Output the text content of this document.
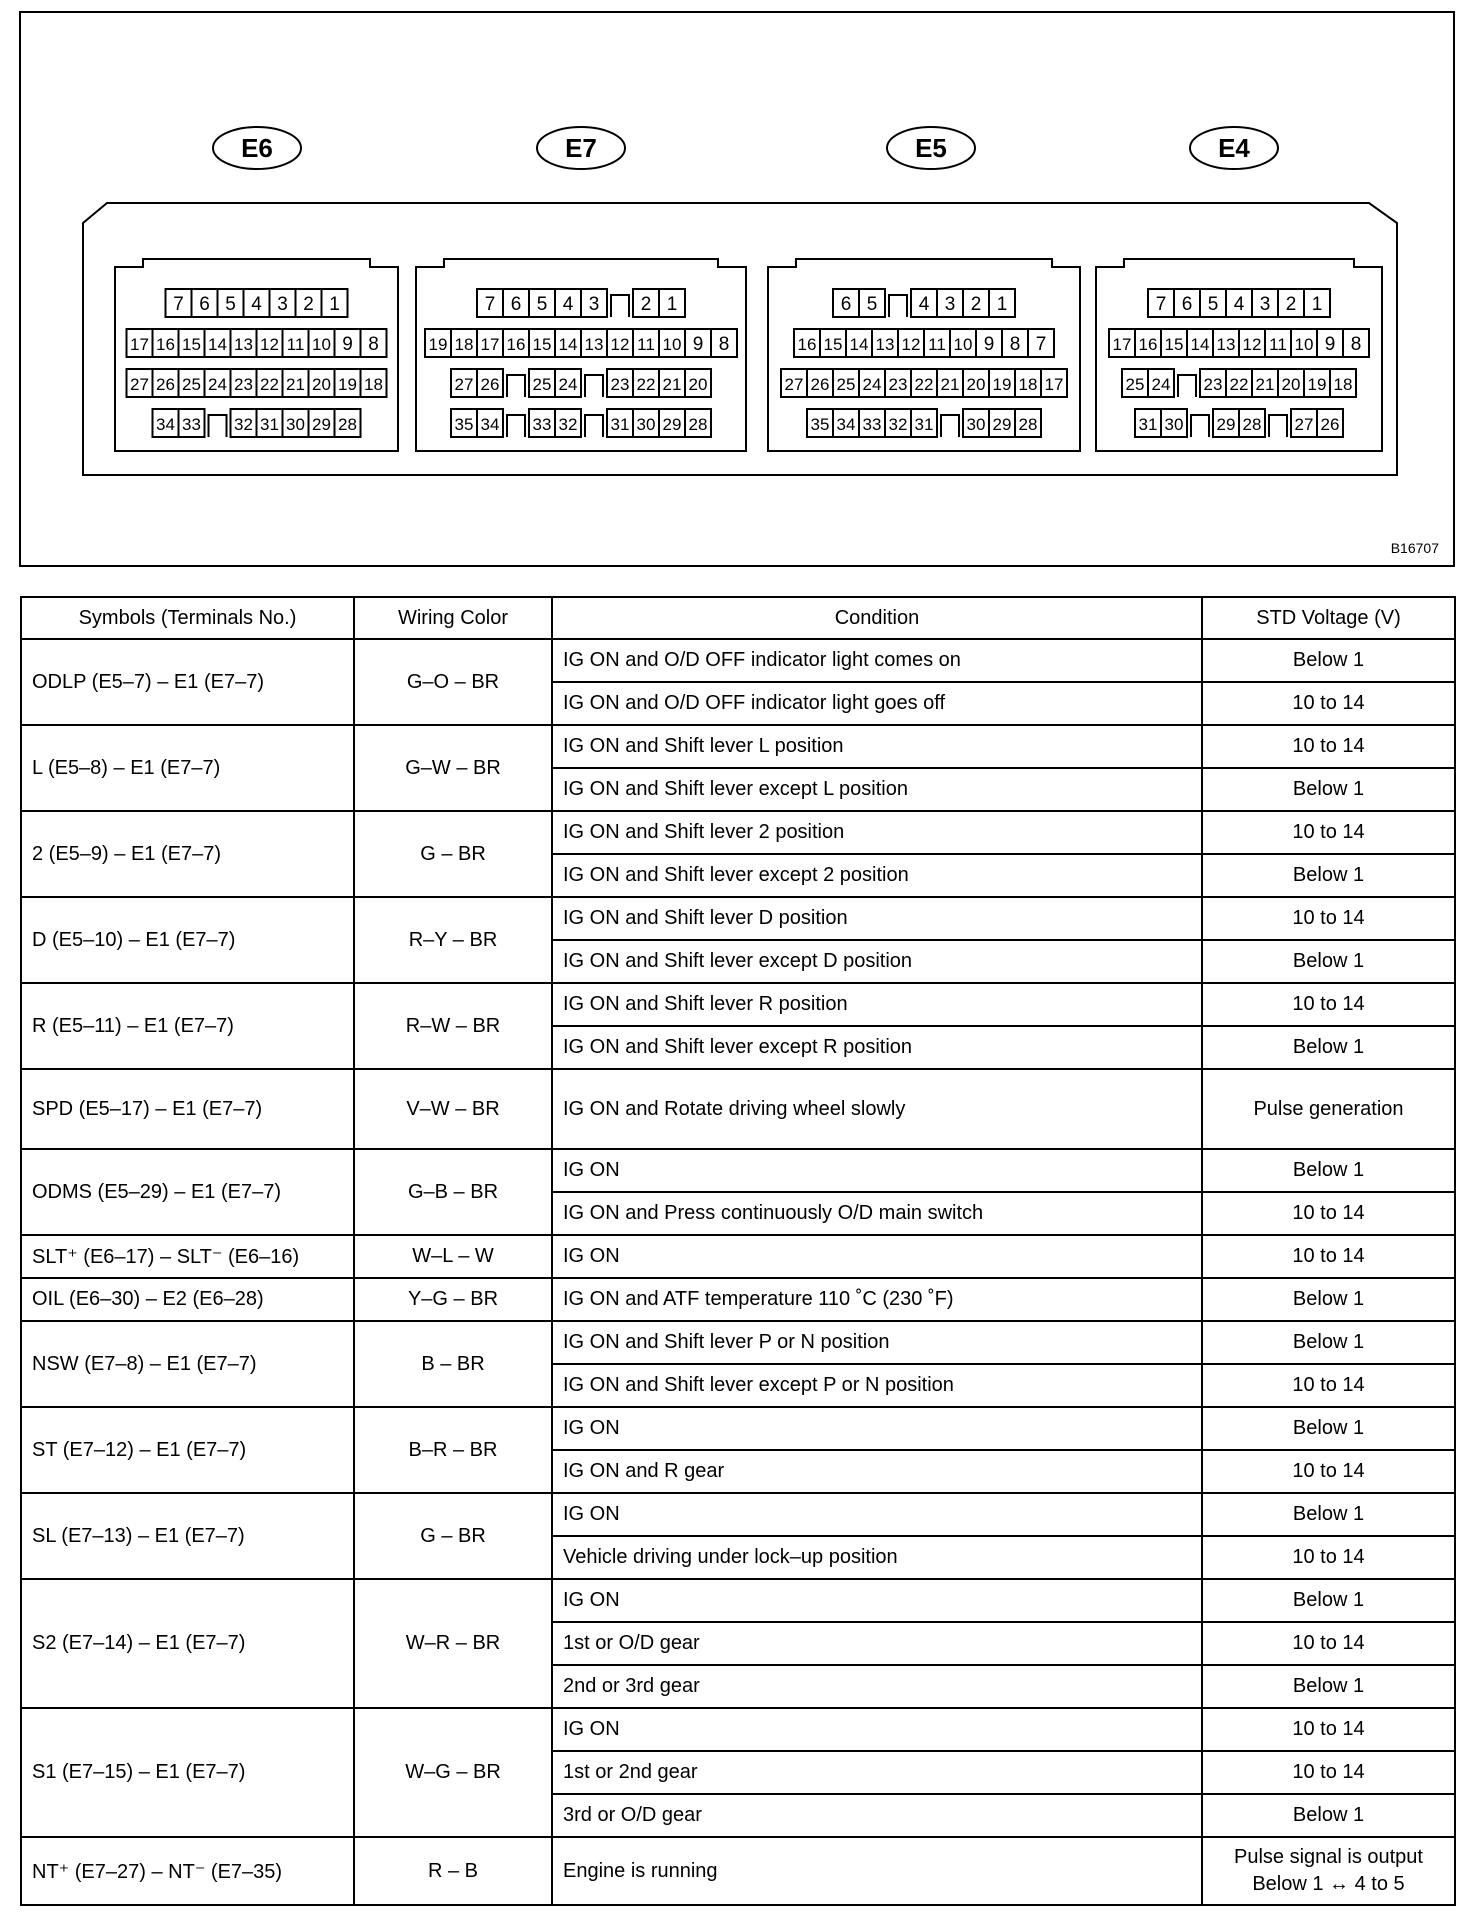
B16707
E6
7 6 5 4 3 2 1
17 16 15 14 13 12 11 10 9 8
27 26 25 24 23 22 21 20 19 18
34 33 32 31 30 29 28
E7
7 6 5 4 3 2 1
19 18 17 16 15 14 13 12 11 10 9 8
27 26 25 24 23 22 21 20
35 34 33 32 31 30 29 28
E5
6 5 4 3 2 1
16 15 14 13 12 11 10 9 8 7
27 26 25 24 23 22 21 20 19 18 17
35 34 33 32 31 30 29 28
E4
7 6 5 4 3 2 1
17 16 15 14 13 12 11 10 9 8
25 24 23 22 21 20 19 18
31 30 29 28 27 26
Symbols (Terminals No.)	Wiring Color	Condition	STD Voltage (V)
ODLP (E5–7) – E1 (E7–7)	G–O – BR	IG ON and O/D OFF indicator light comes on	Below 1

		IG ON and O/D OFF indicator light goes off	10 to 14

L (E5–8) – E1 (E7–7)	G–W – BR	IG ON and Shift lever L position	10 to 14

		IG ON and Shift lever except L position	Below 1

2 (E5–9) – E1 (E7–7)	G – BR	IG ON and Shift lever 2 position	10 to 14

		IG ON and Shift lever except 2 position	Below 1

D (E5–10) – E1 (E7–7)	R–Y – BR	IG ON and Shift lever D position	10 to 14

		IG ON and Shift lever except D position	Below 1

R (E5–11) – E1 (E7–7)	R–W – BR	IG ON and Shift lever R position	10 to 14

		IG ON and Shift lever except R position	Below 1

SPD (E5–17) – E1 (E7–7)	V–W – BR	IG ON and Rotate driving wheel slowly	Pulse generation

ODMS (E5–29) – E1 (E7–7)	G–B – BR	IG ON	Below 1

		IG ON and Press continuously O/D main switch	10 to 14

SLT⁺ (E6–17) – SLT⁻ (E6–16)	W–L – W	IG ON	10 to 14

OIL (E6–30) – E2 (E6–28)	Y–G – BR	IG ON and ATF temperature 110 ˚C (230 ˚F)	Below 1

NSW (E7–8) – E1 (E7–7)	B – BR	IG ON and Shift lever P or N position	Below 1

		IG ON and Shift lever except P or N position	10 to 14

ST (E7–12) – E1 (E7–7)	B–R – BR	IG ON	Below 1

		IG ON and R gear	10 to 14

SL (E7–13) – E1 (E7–7)	G – BR	IG ON	Below 1

		Vehicle driving under lock–up position	10 to 14

S2 (E7–14) – E1 (E7–7)	W–R – BR	IG ON	Below 1

		1st or O/D gear	10 to 14

		2nd or 3rd gear	Below 1

S1 (E7–15) – E1 (E7–7)	W–G – BR	IG ON	10 to 14

		1st or 2nd gear	10 to 14

		3rd or O/D gear	Below 1

NT⁺ (E7–27) – NT⁻ (E7–35)	R – B	Engine is running	Pulse signal is output
Below 1 ↔ 4 to 5
